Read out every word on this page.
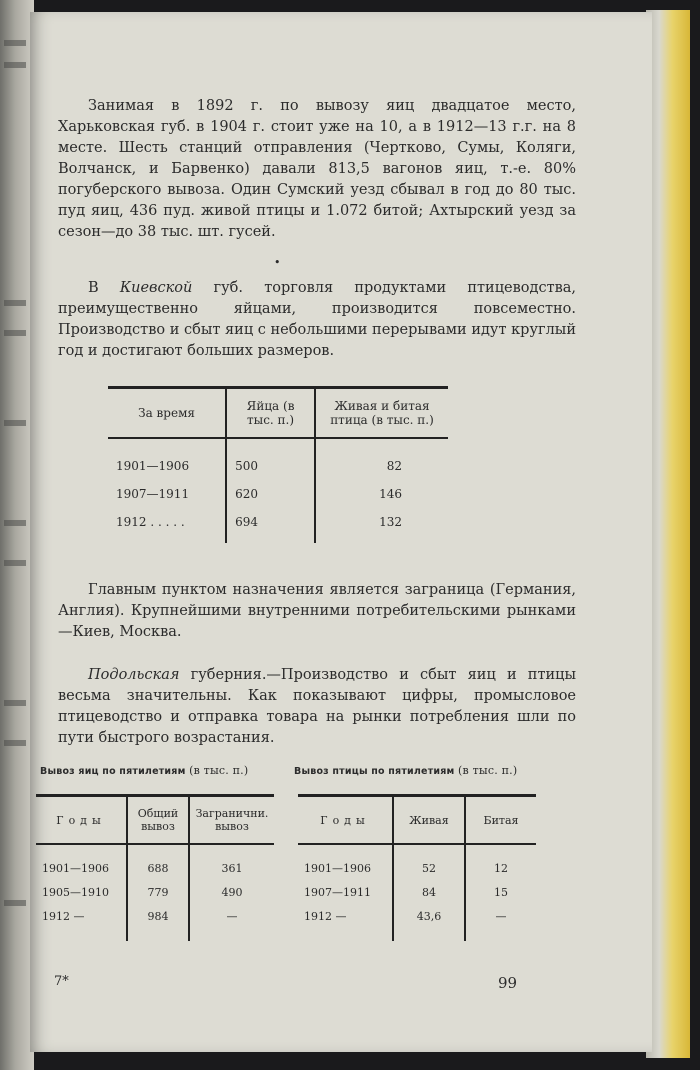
Занимая в 1892 г. по вывозу яиц двадцатое место, Харьковская губ. в 1904 г. стоит уже на 10, а в 1912—13 г.г. на 8 месте. Шесть станций отправления (Чертково, Сумы, Коляги, Волчанск, и Барвенко) давали 813,5 вагонов яиц, т.-е. 80% погуберского вывоза. Один Сумский уезд сбывал в год до 80 тыс. пуд яиц, 436 пуд. живой птицы и 1.072 битой; Ахтырский уезд за сезон—до 38 тыс. шт. гусей.
•
В Киевской губ. торговля продуктами птицеводства, преимущественно яйцами, производится повсеместно. Производство и сбыт яиц с небольшими перерывами идут круглый год и достигают больших размеров.
За время	Яйца (в тыс. п.)	Живая и битая птица (в тыс. п.)
1901—1906	500	82
1907—1911	620	146
1912 . . . . .	694	132
Главным пунктом назначения является заграница (Германия, Англия). Крупнейшими внутренними потребительскими рынками—Киев, Москва.
Подольская губерния.—Производство и сбыт яиц и птицы весьма значительны. Как показывают цифры, промысловое птицеводство и отправка товара на рынки потребления шли по пути быстрого возрастания.
Вывоз яиц по пятилетиям (в тыс. п.)	Вывоз птицы по пятилетиям (в тыс. п.)
Годы	Общий вывоз	Загранични. вывоз
1901—1906	688	361
1905—1910	779	490
1912 —	984	—
Годы	Живая	Битая
1901—1906	52	12
1907—1911	84	15
1912 —	43,6	—
7*	99
